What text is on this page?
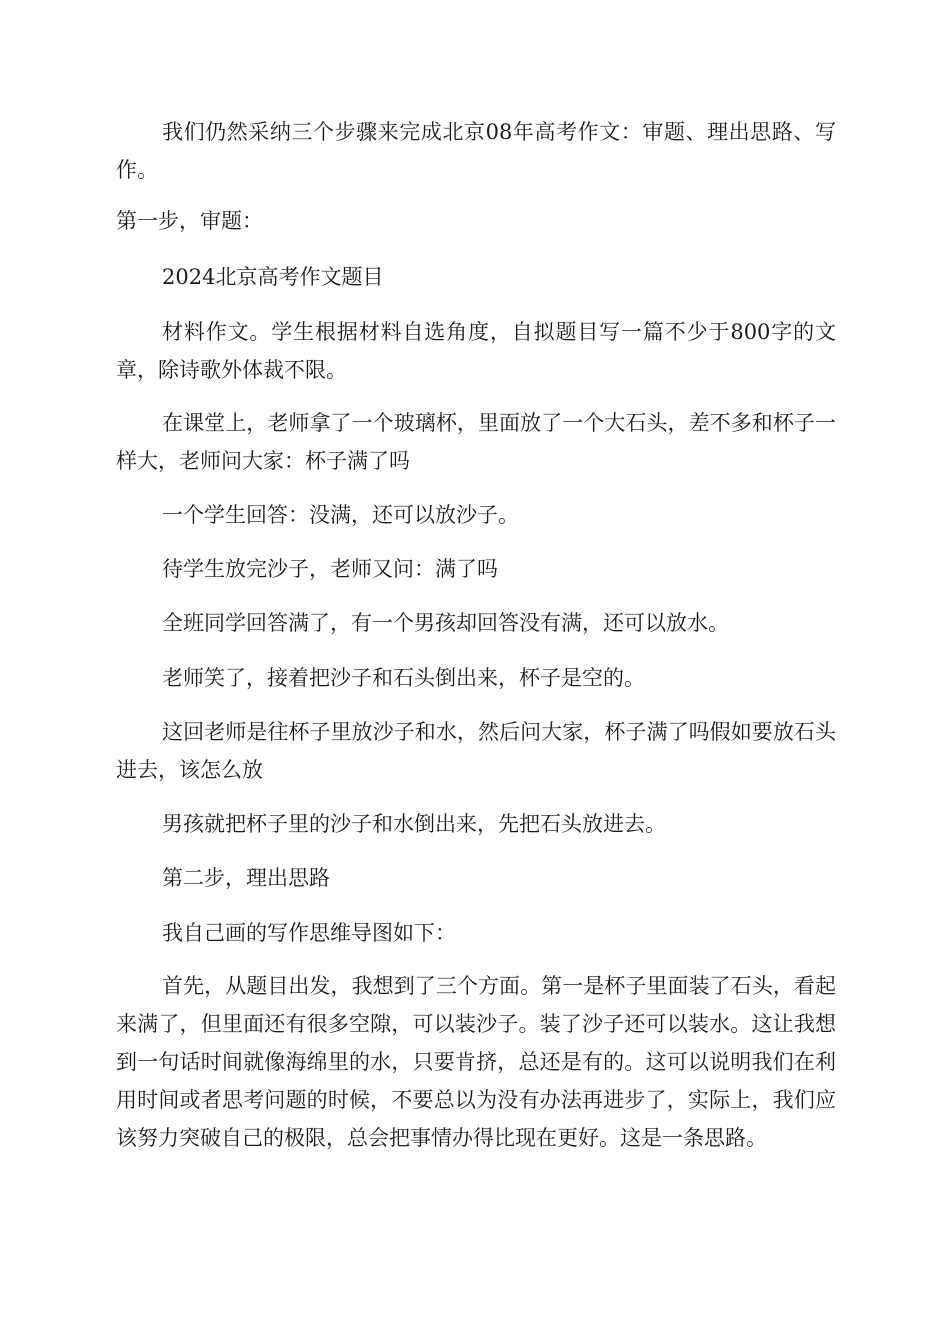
我们仍然采纳三个步骤来完成北京08年高考作文：审题、理出思路、写作。

第一步，审题：

2024北京高考作文题目

材料作文。学生根据材料自选角度，自拟题目写一篇不少于800字的文章，除诗歌外体裁不限。

在课堂上，老师拿了一个玻璃杯，里面放了一个大石头，差不多和杯子一样大，老师问大家：杯子满了吗

一个学生回答：没满，还可以放沙子。

待学生放完沙子，老师又问：满了吗

全班同学回答满了，有一个男孩却回答没有满，还可以放水。

老师笑了，接着把沙子和石头倒出来，杯子是空的。

这回老师是往杯子里放沙子和水，然后问大家，杯子满了吗假如要放石头进去，该怎么放

男孩就把杯子里的沙子和水倒出来，先把石头放进去。

第二步，理出思路

我自己画的写作思维导图如下：

首先，从题目出发，我想到了三个方面。第一是杯子里面装了石头，看起来满了，但里面还有很多空隙，可以装沙子。装了沙子还可以装水。这让我想到一句话时间就像海绵里的水，只要肯挤，总还是有的。这可以说明我们在利用时间或者思考问题的时候，不要总以为没有办法再进步了，实际上，我们应该努力突破自己的极限，总会把事情办得比现在更好。这是一条思路。
